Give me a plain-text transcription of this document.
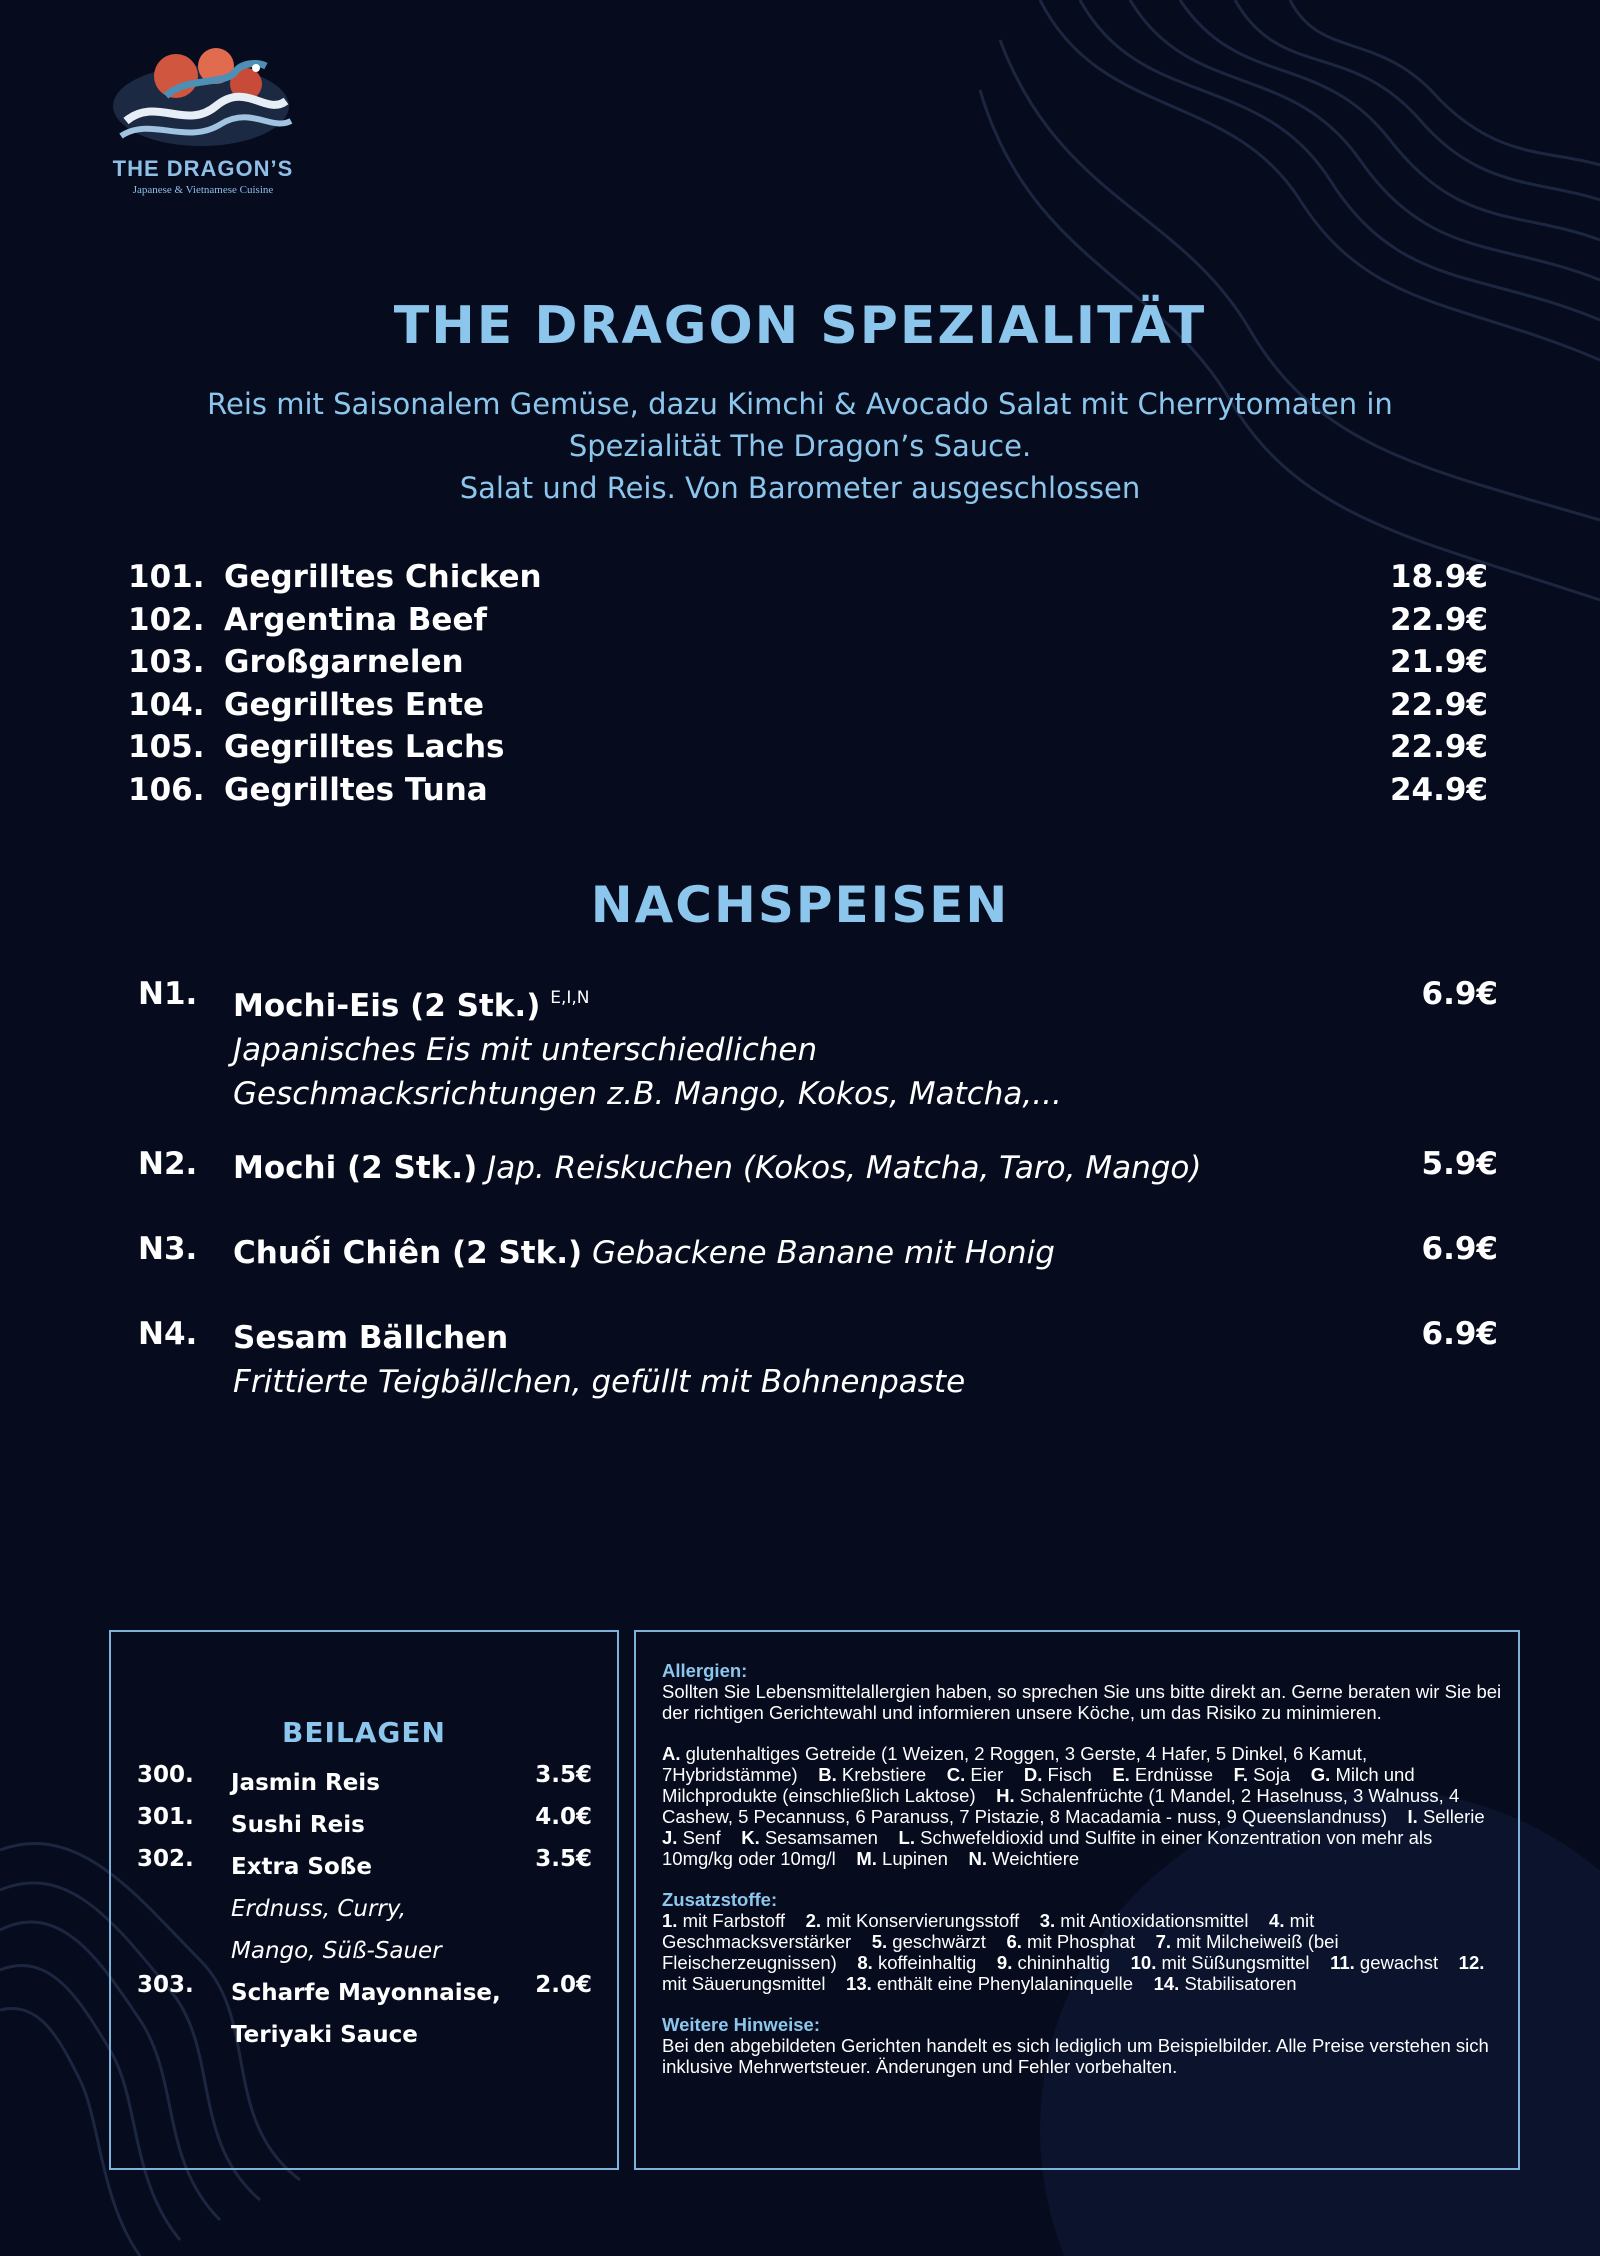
THE DRAGON’S
Japanese & Vietnamese Cuisine
THE DRAGON SPEZIALITÄT
Reis mit Saisonalem Gemüse, dazu Kimchi & Avocado Salat mit Cherrytomaten in
Spezialität The Dragon’s Sauce.
Salat und Reis. Von Barometer ausgeschlossen
101. Gegrilltes Chicken	18.9€
102. Argentina Beef	22.9€
103. Großgarnelen	21.9€
104. Gegrilltes Ente	22.9€
105. Gegrilltes Lachs	22.9€
106. Gegrilltes Tuna	24.9€
NACHSPEISEN
N1. Mochi-Eis (2 Stk.) $^{E,I,N}$
Japanisches Eis mit unterschiedlichen
Geschmacksrichtungen z.B. Mango, Kokos, Matcha,...
6.9€
N2. Mochi (2 Stk.) Jap. Reiskuchen (Kokos, Matcha, Taro, Mango)	5.9€
N3. Chuối Chiên (2 Stk.) Gebackene Banane mit Honig	6.9€
N4. Sesam Bällchen
Frittierte Teigbällchen, gefüllt mit Bohnenpaste
6.9€
BEILAGEN
300. Jasmin Reis	3.5€
301. Sushi Reis	4.0€
302. Extra Soße
Erdnuss, Curry,
Mango, Süß-Sauer
3.5€
303. Scharfe Mayonnaise,
Teriyaki Sauce
2.0€
Allergien:
Sollten Sie Lebensmittelallergien haben, so sprechen Sie uns bitte direkt an. Gerne beraten wir Sie bei der richtigen Gerichtewahl und informieren unsere Köche, um das Risiko zu minimieren.
A. glutenhaltiges Getreide (1 Weizen, 2 Roggen, 3 Gerste, 4 Hafer, 5 Dinkel, 6 Kamut, 7Hybridstämme) B. Krebstiere C. Eier D. Fisch E. Erdnüsse F. Soja G. Milch und Milchprodukte (einschließlich Laktose) H. Schalenfrüchte (1 Mandel, 2 Haselnuss, 3 Walnuss, 4 Cashew, 5 Pecannuss, 6 Paranuss, 7 Pistazie, 8 Macadamia - nuss, 9 Queenslandnuss) I. Sellerie    J. Senf K. Sesamsamen L. Schwefeldioxid und Sulfite in einer Konzentration von mehr als 10mg/kg oder 10mg/l M. Lupinen N. Weichtiere
Zusatzstoffe:
1. mit Farbstoff 2. mit Konservierungsstoff 3. mit Antioxidationsmittel 4. mit Geschmacksverstärker 5. geschwärzt 6. mit Phosphat 7. mit Milcheiweiß (bei Fleischerzeugnissen) 8. koffeinhaltig 9. chininhaltig 10. mit Süßungsmittel 11. gewachst 12. mit Säuerungsmittel 13. enthält eine Phenylalaninquelle 14. Stabilisatoren
Weitere Hinweise:
Bei den abgebildeten Gerichten handelt es sich lediglich um Beispielbilder. Alle Preise verstehen sich inklusive Mehrwertsteuer. Änderungen und Fehler vorbehalten.
